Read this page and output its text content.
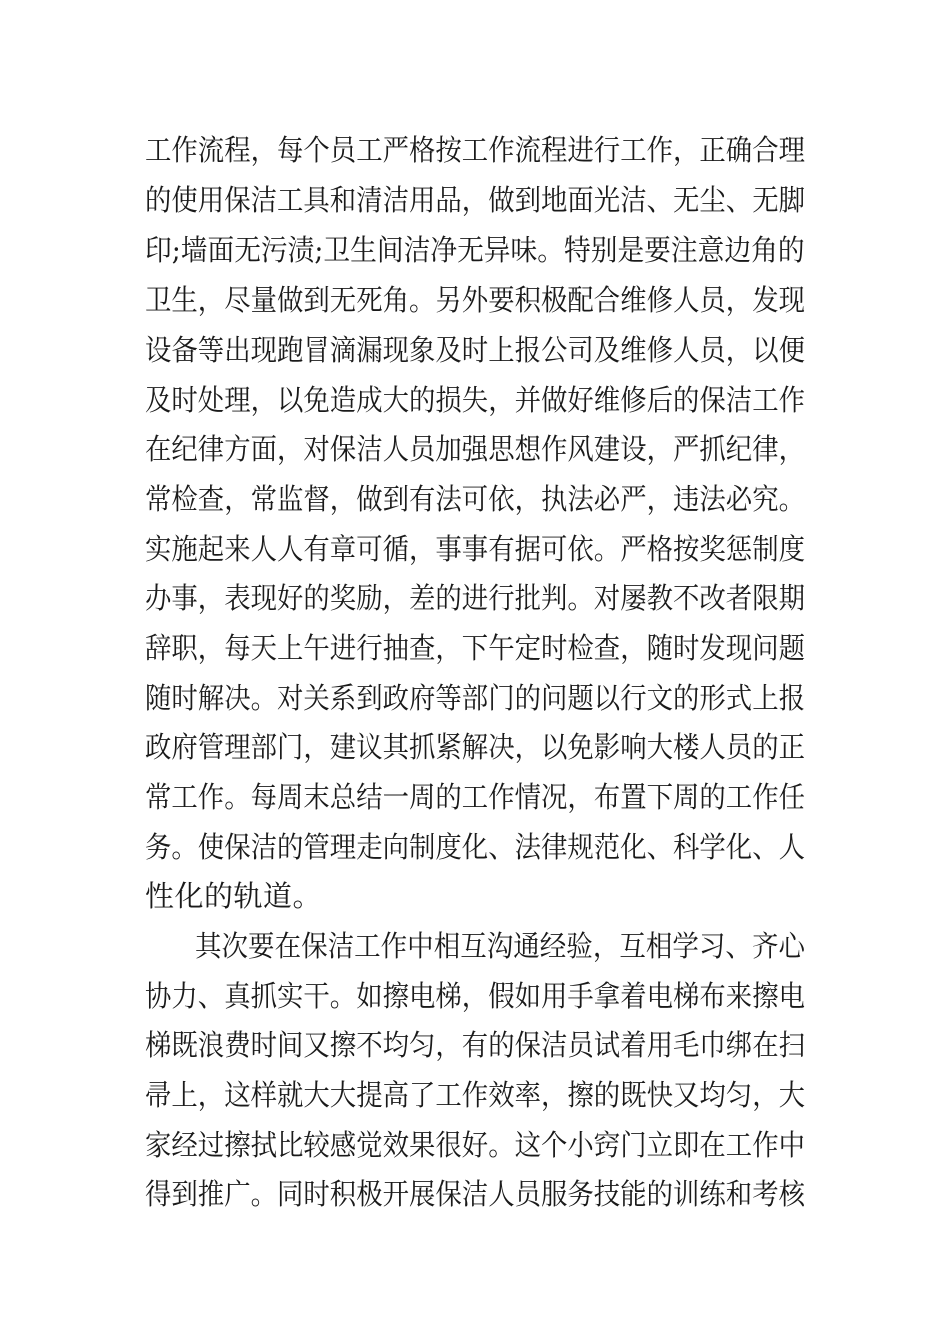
工作流程，每个员工严格按工作流程进行工作，正确合理
的使用保洁工具和清洁用品，做到地面光洁、无尘、无脚
印;墙面无污渍;卫生间洁净无异味。特别是要注意边角的
卫生，尽量做到无死角。另外要积极配合维修人员，发现
设备等出现跑冒滴漏现象及时上报公司及维修人员，以便
及时处理，以免造成大的损失，并做好维修后的保洁工作
在纪律方面，对保洁人员加强思想作风建设，严抓纪律，
常检查，常监督，做到有法可依，执法必严，违法必究。
实施起来人人有章可循，事事有据可依。严格按奖惩制度
办事，表现好的奖励，差的进行批判。对屡教不改者限期
辞职，每天上午进行抽查，下午定时检查，随时发现问题
随时解决。对关系到政府等部门的问题以行文的形式上报
政府管理部门，建议其抓紧解决，以免影响大楼人员的正
常工作。每周末总结一周的工作情况，布置下周的工作任
务。使保洁的管理走向制度化、法律规范化、科学化、人
性化的轨道。
其次要在保洁工作中相互沟通经验，互相学习、齐心
协力、真抓实干。如擦电梯，假如用手拿着电梯布来擦电
梯既浪费时间又擦不均匀，有的保洁员试着用毛巾绑在扫
帚上，这样就大大提高了工作效率，擦的既快又均匀，大
家经过擦拭比较感觉效果很好。这个小窍门立即在工作中
得到推广。同时积极开展保洁人员服务技能的训练和考核
